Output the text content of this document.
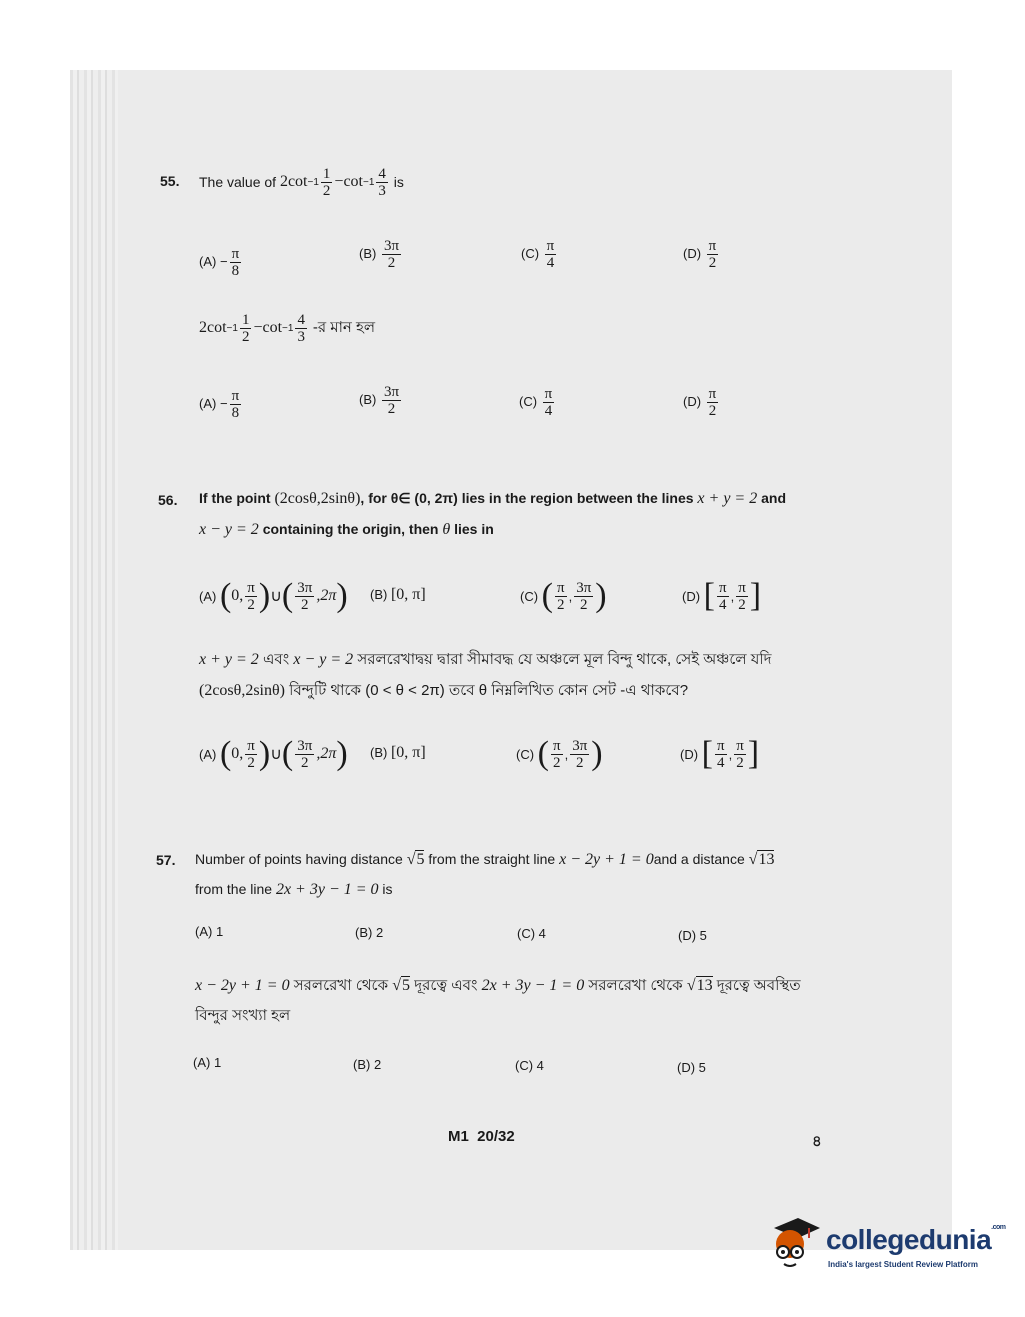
55. The value of
2 $\cot -1 \frac{1}{2} - \cot -1 \frac{4}{3}$
is
$(A) - \frac{\pi}{8}$	$(B) \frac{3\pi}{2}$	$(C) \frac{\pi}{4}$	$(D) \frac{\pi}{2}$
2 $\cot -1 \frac{1}{2} - \cot -1 \frac{4}{3}$
-র মান হল
$(A) - \frac{\pi}{8}$	$(B) \frac{3\pi}{2}$	$(C) \frac{\pi}{4}$	$(D) \frac{\pi}{2}$
56. If the point (2cosθ,2sinθ), for θ∈ (0, 2π) lies in the region between the lines x + y = 2 and
x − y = 2 containing the origin, then θ lies in
(A)
( 0, $\frac{\pi}{2}$ ) ∪ ( $\frac{3\pi}{2} ,2\pi$ ) (B) [0, π]	(C)
( $\frac{\pi}{2}$ , $\frac{3\pi}{2}$ )	(D)
[ $\frac{\pi}{4}$ , $\frac{\pi}{2}$ ]
x + y = 2 এবং x − y = 2 সরলরেখাদ্বয় দ্বারা সীমাবদ্ধ যে অঞ্চলে মূল বিন্দু থাকে, সেই অঞ্চলে যদি
(2cosθ,2sinθ) বিন্দুটি থাকে (0 < θ < 2π) তবে θ নিম্নলিখিত কোন সেট -এ থাকবে?
(A)
( 0, $\frac{\pi}{2}$ ) ∪ ( $\frac{3\pi}{2} ,2\pi$ ) (B) [0, π]	(C)
( $\frac{\pi}{2}$ , $\frac{3\pi}{2}$ )	(D)
[ $\frac{\pi}{4}$ , $\frac{\pi}{2}$ ]
57. Number of points having distance √5 from the straight line x − 2y + 1 = 0and a distance √13
from the line 2x + 3y − 1 = 0 is
(A) 1	(B) 2	(C) 4	(D) 5
x − 2y + 1 = 0 সরলরেখা থেকে √5 দূরত্বে এবং 2x + 3y − 1 = 0 সরলরেখা থেকে √13 দূরত্বে অবস্থিত
বিন্দুর সংখ্যা হল
(A) 1	(B) 2	(C) 4	(D) 5
M1  20/32	৪
collegedunia$^{.com}$
India's largest Student Review Platform
